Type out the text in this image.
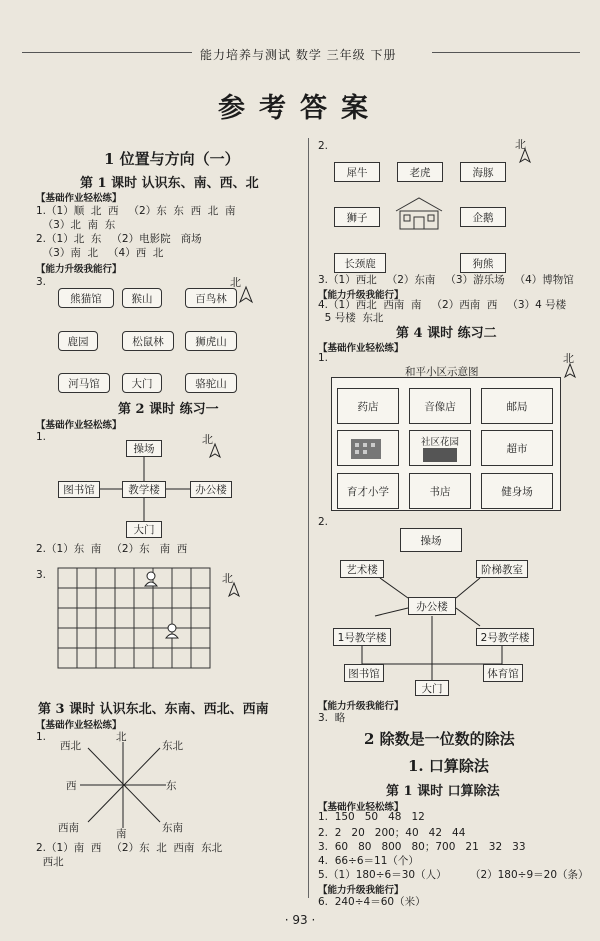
能力培养与测试 数学 三年级 下册
参考答案
1 位置与方向（一）
第 1 课时 认识东、南、西、北
【基础作业轻松练】
1.（1）顺  北  西   （2）东  东  西  北  南
（3）北  南  东
2.（1）北  东   （2）电影院   商场
（3）南  北   （4）西  北
【能力升级我能行】
3.
熊猫馆	猴山	百鸟林
鹿园	松鼠林	狮虎山
河马馆	大门	骆驼山
北
第 2 课时 练习一
【基础作业轻松练】
1.
操场
图书馆	教学楼	办公楼
大门
北
2.（1）东  南   （2）东   南  西
3.	北
第 3 课时 认识东北、东南、西北、西南
【基础作业轻松练】
1.	北
南
东
西
东北
西北
东南
西南
2.（1）南  西   （2）东  北  西南  东北
西北
2.	北
犀牛	老虎	海豚
狮子	企鹅
长颈鹿	狗熊
3.（1）西北   （2）东南   （3）游乐场   （4）博物馆
【能力升级我能行】
4.（1）西北  西南  南   （2）西南  西   （3）4 号楼
5 号楼  东北
第 4 课时 练习二
【基础作业轻松练】
1.	北
和平小区示意图
药店	音像店	邮局
社区花园	超市
育才小学	书店	健身场
2.
操场
艺术楼	阶梯教室
办公楼
1号教学楼	2号教学楼
图书馆	体育馆
大门
【能力升级我能行】
3.  略
2 除数是一位数的除法
1. 口算除法
第 1 课时 口算除法
【基础作业轻松练】
1.  150   50   48   12
2.  2   20   200；40   42   44
3.  60   80   800   80；700   21   32   33
4.  66÷6＝11（个）
5.（1）180÷6＝30（人）       （2）180÷9＝20（条）
【能力升级我能行】
6.  240÷4＝60（米）
· 93 ·
